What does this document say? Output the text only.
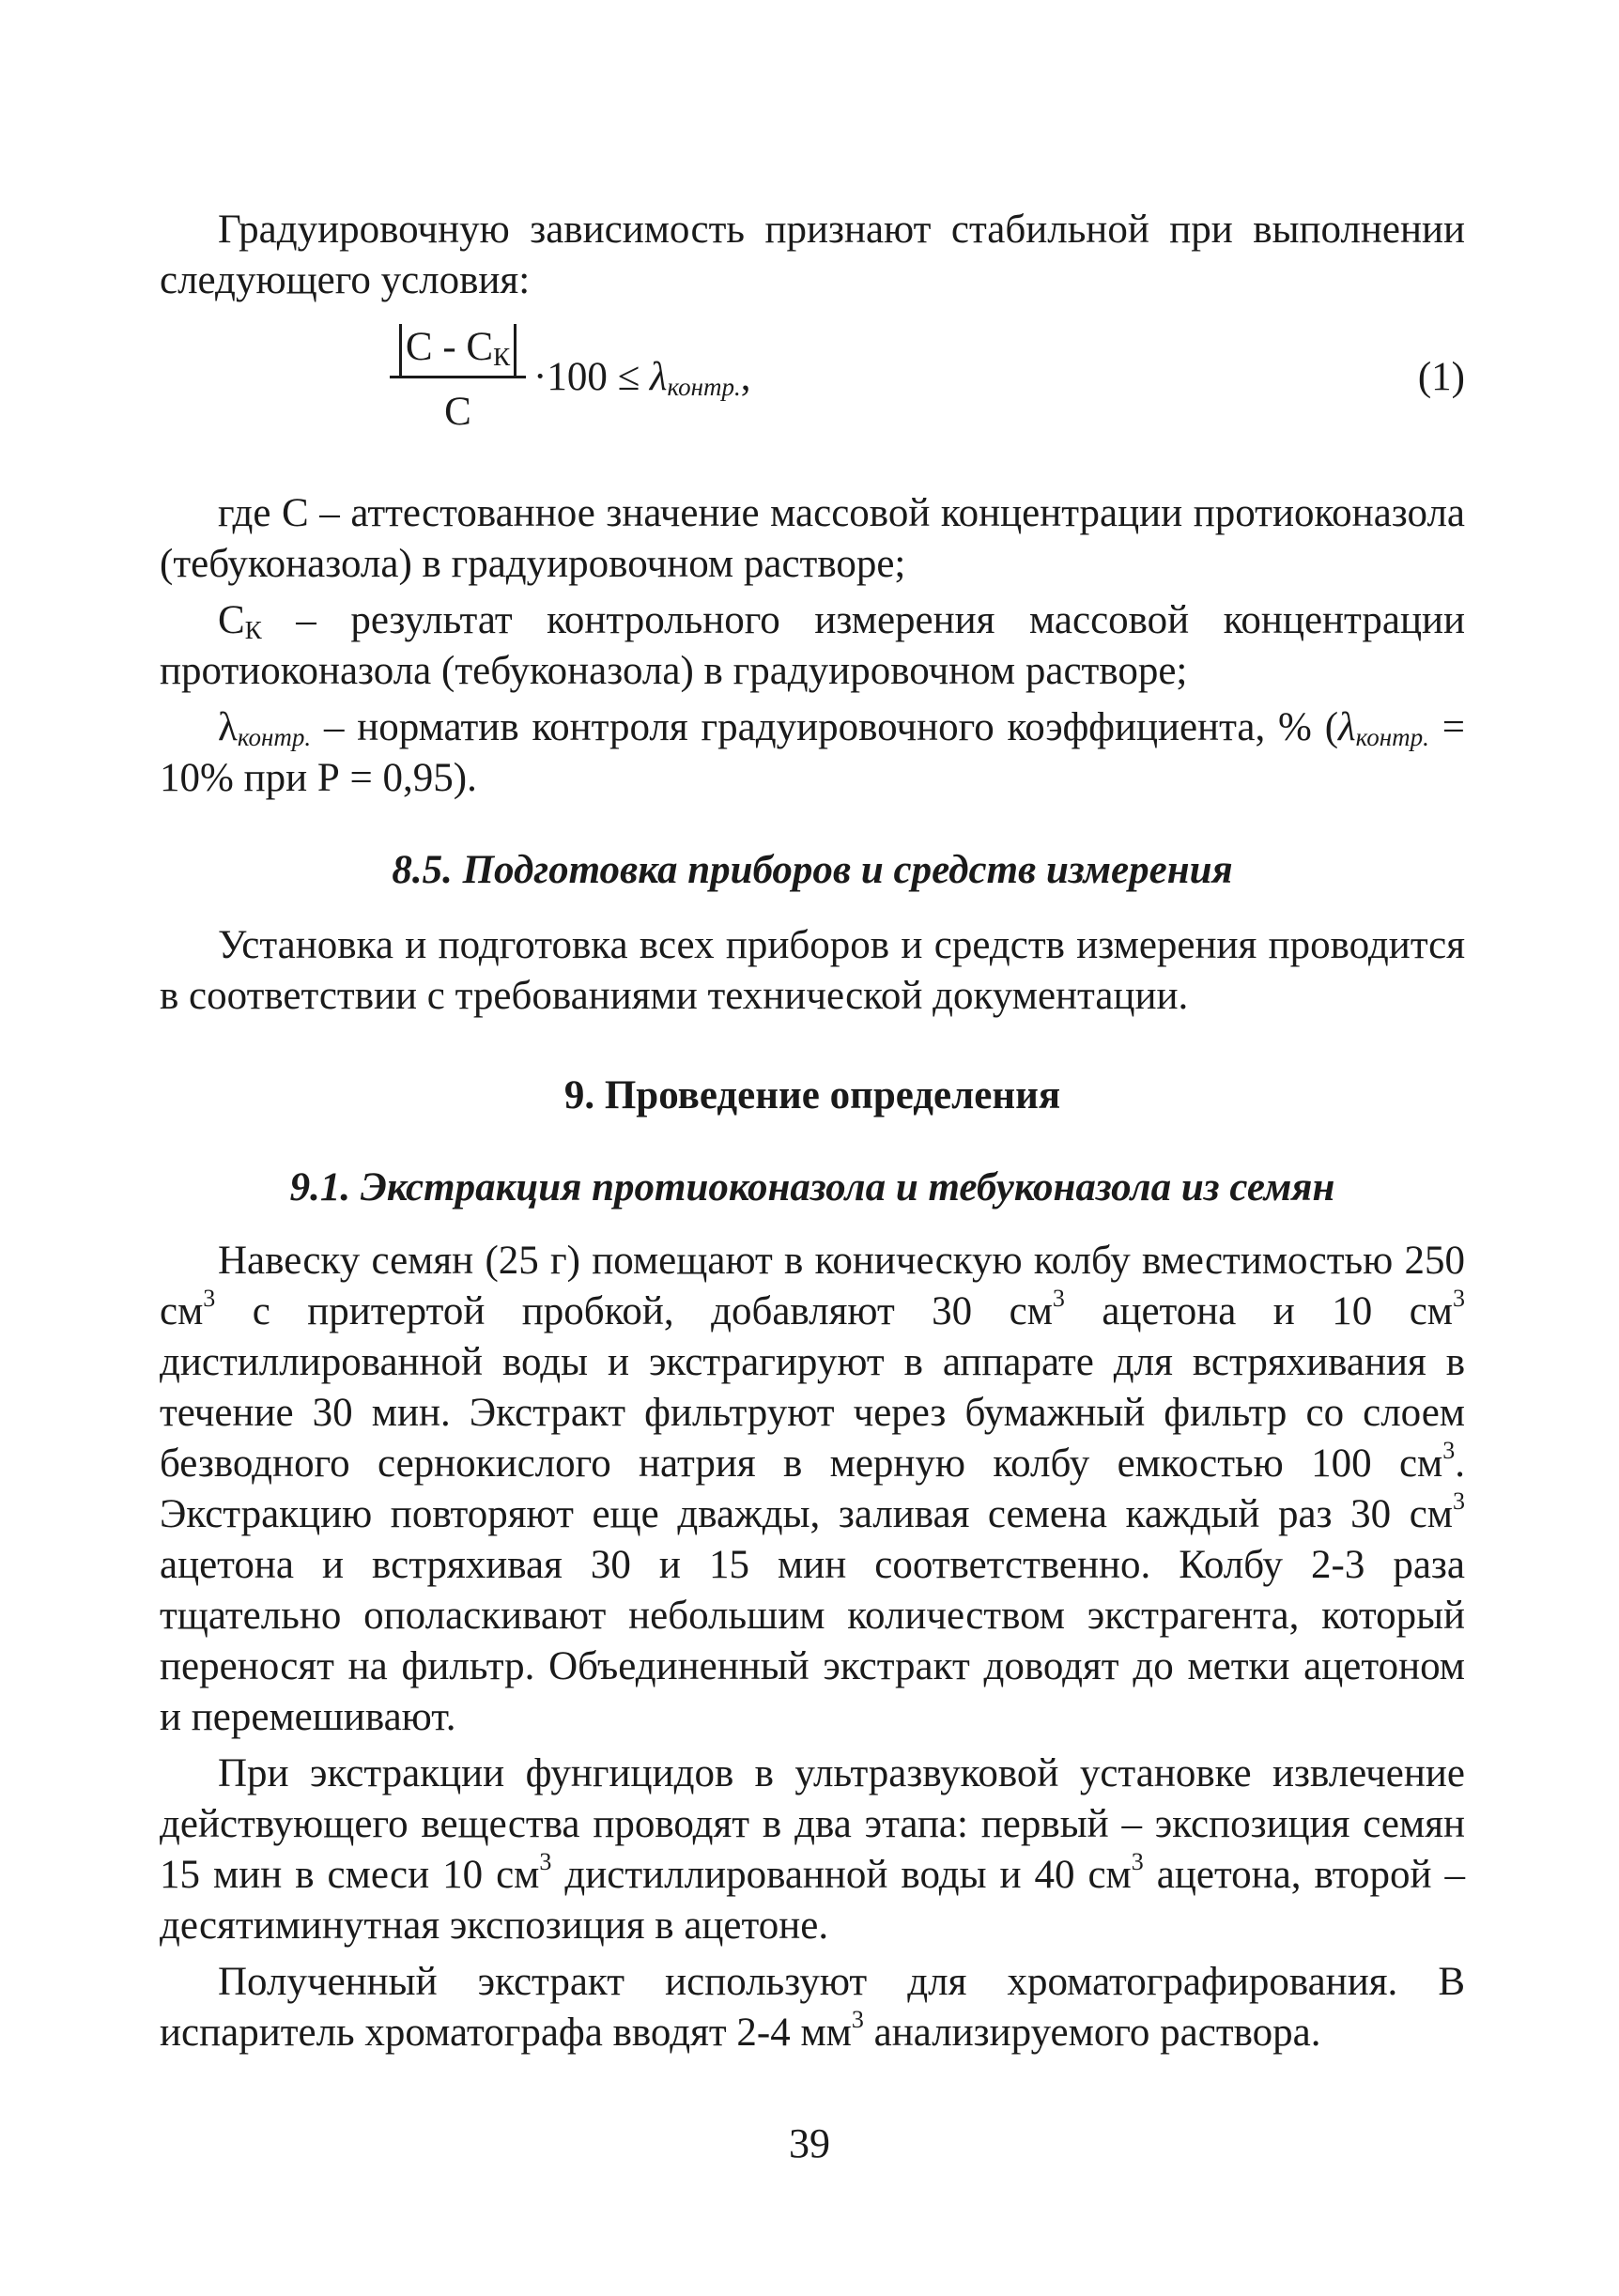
Градуировочную зависимость признают стабильной при выполнении следующего условия:

C - $C_К$
C
$\cdot 100 \le \lambda_{контр.}$,	(1)

где С – аттестованное значение массовой концентрации протиоконазола (тебуконазола) в градуировочном растворе;

$С_К$ – результат контрольного измерения массовой концентрации протиоконазола (тебуконазола) в градуировочном растворе;

$\lambda_{контр.}$ – норматив контроля градуировочного коэффициента, % ($\lambda_{контр.} = 10\%$ при Р = 0,95).

8.5. Подготовка приборов и средств измерения

Установка и подготовка всех приборов и средств измерения проводится в соответствии с требованиями технической документации.

9. Проведение определения
9.1. Экстракция протиоконазола и тебуконазола из семян

Навеску семян (25 г) помещают в коническую колбу вместимостью 250 $см^3$ с притертой пробкой, добавляют 30 $см^3$ ацетона и 10 $см^3$ дистиллированной воды и экстрагируют в аппарате для встряхивания в течение 30 мин. Экстракт фильтруют через бумажный фильтр со слоем безводного сернокислого натрия в мерную колбу емкостью 100 $см^3$. Экстракцию повторяют еще дважды, заливая семена каждый раз 30 $см^3$ ацетона и встряхивая 30 и 15 мин соответственно. Колбу 2-3 раза тщательно ополаскивают небольшим количеством экстрагента, который переносят на фильтр. Объединенный экстракт доводят до метки ацетоном и перемешивают.

При экстракции фунгицидов в ультразвуковой установке извлечение действующего вещества проводят в два этапа: первый – экспозиция семян 15 мин в смеси 10 $см^3$ дистиллированной воды и 40 $см^3$ ацетона, второй – десятиминутная экспозиция в ацетоне.

Полученный экстракт используют для хроматографирования. В испаритель хроматографа вводят 2-4 $мм^3$ анализируемого раствора.

39
